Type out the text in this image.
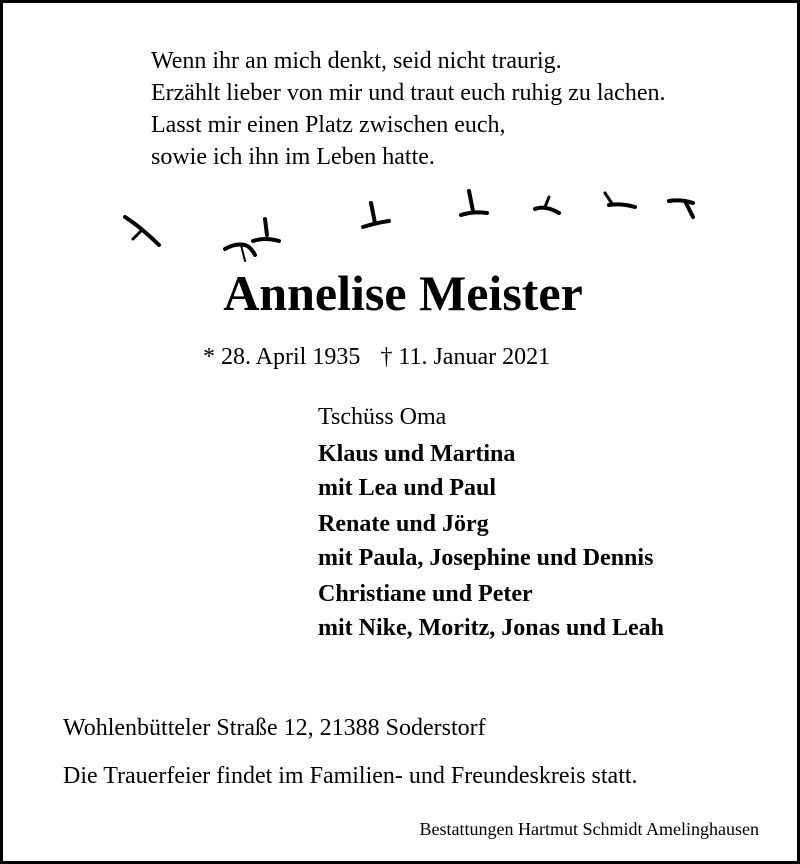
Wenn ihr an mich denkt, seid nicht traurig.
Erzählt lieber von mir und traut euch ruhig zu lachen.
Lasst mir einen Platz zwischen euch,
sowie ich ihn im Leben hatte.
Annelise Meister
* 28. April 1935 † 11. Januar 2021
Tschüss Oma
Klaus und Martina
mit Lea und Paul
Renate und Jörg
mit Paula, Josephine und Dennis
Christiane und Peter
mit Nike, Moritz, Jonas und Leah
Wohlenbütteler Straße 12, 21388 Soderstorf
Die Trauerfeier findet im Familien- und Freundeskreis statt.
Bestattungen Hartmut Schmidt Amelinghausen
